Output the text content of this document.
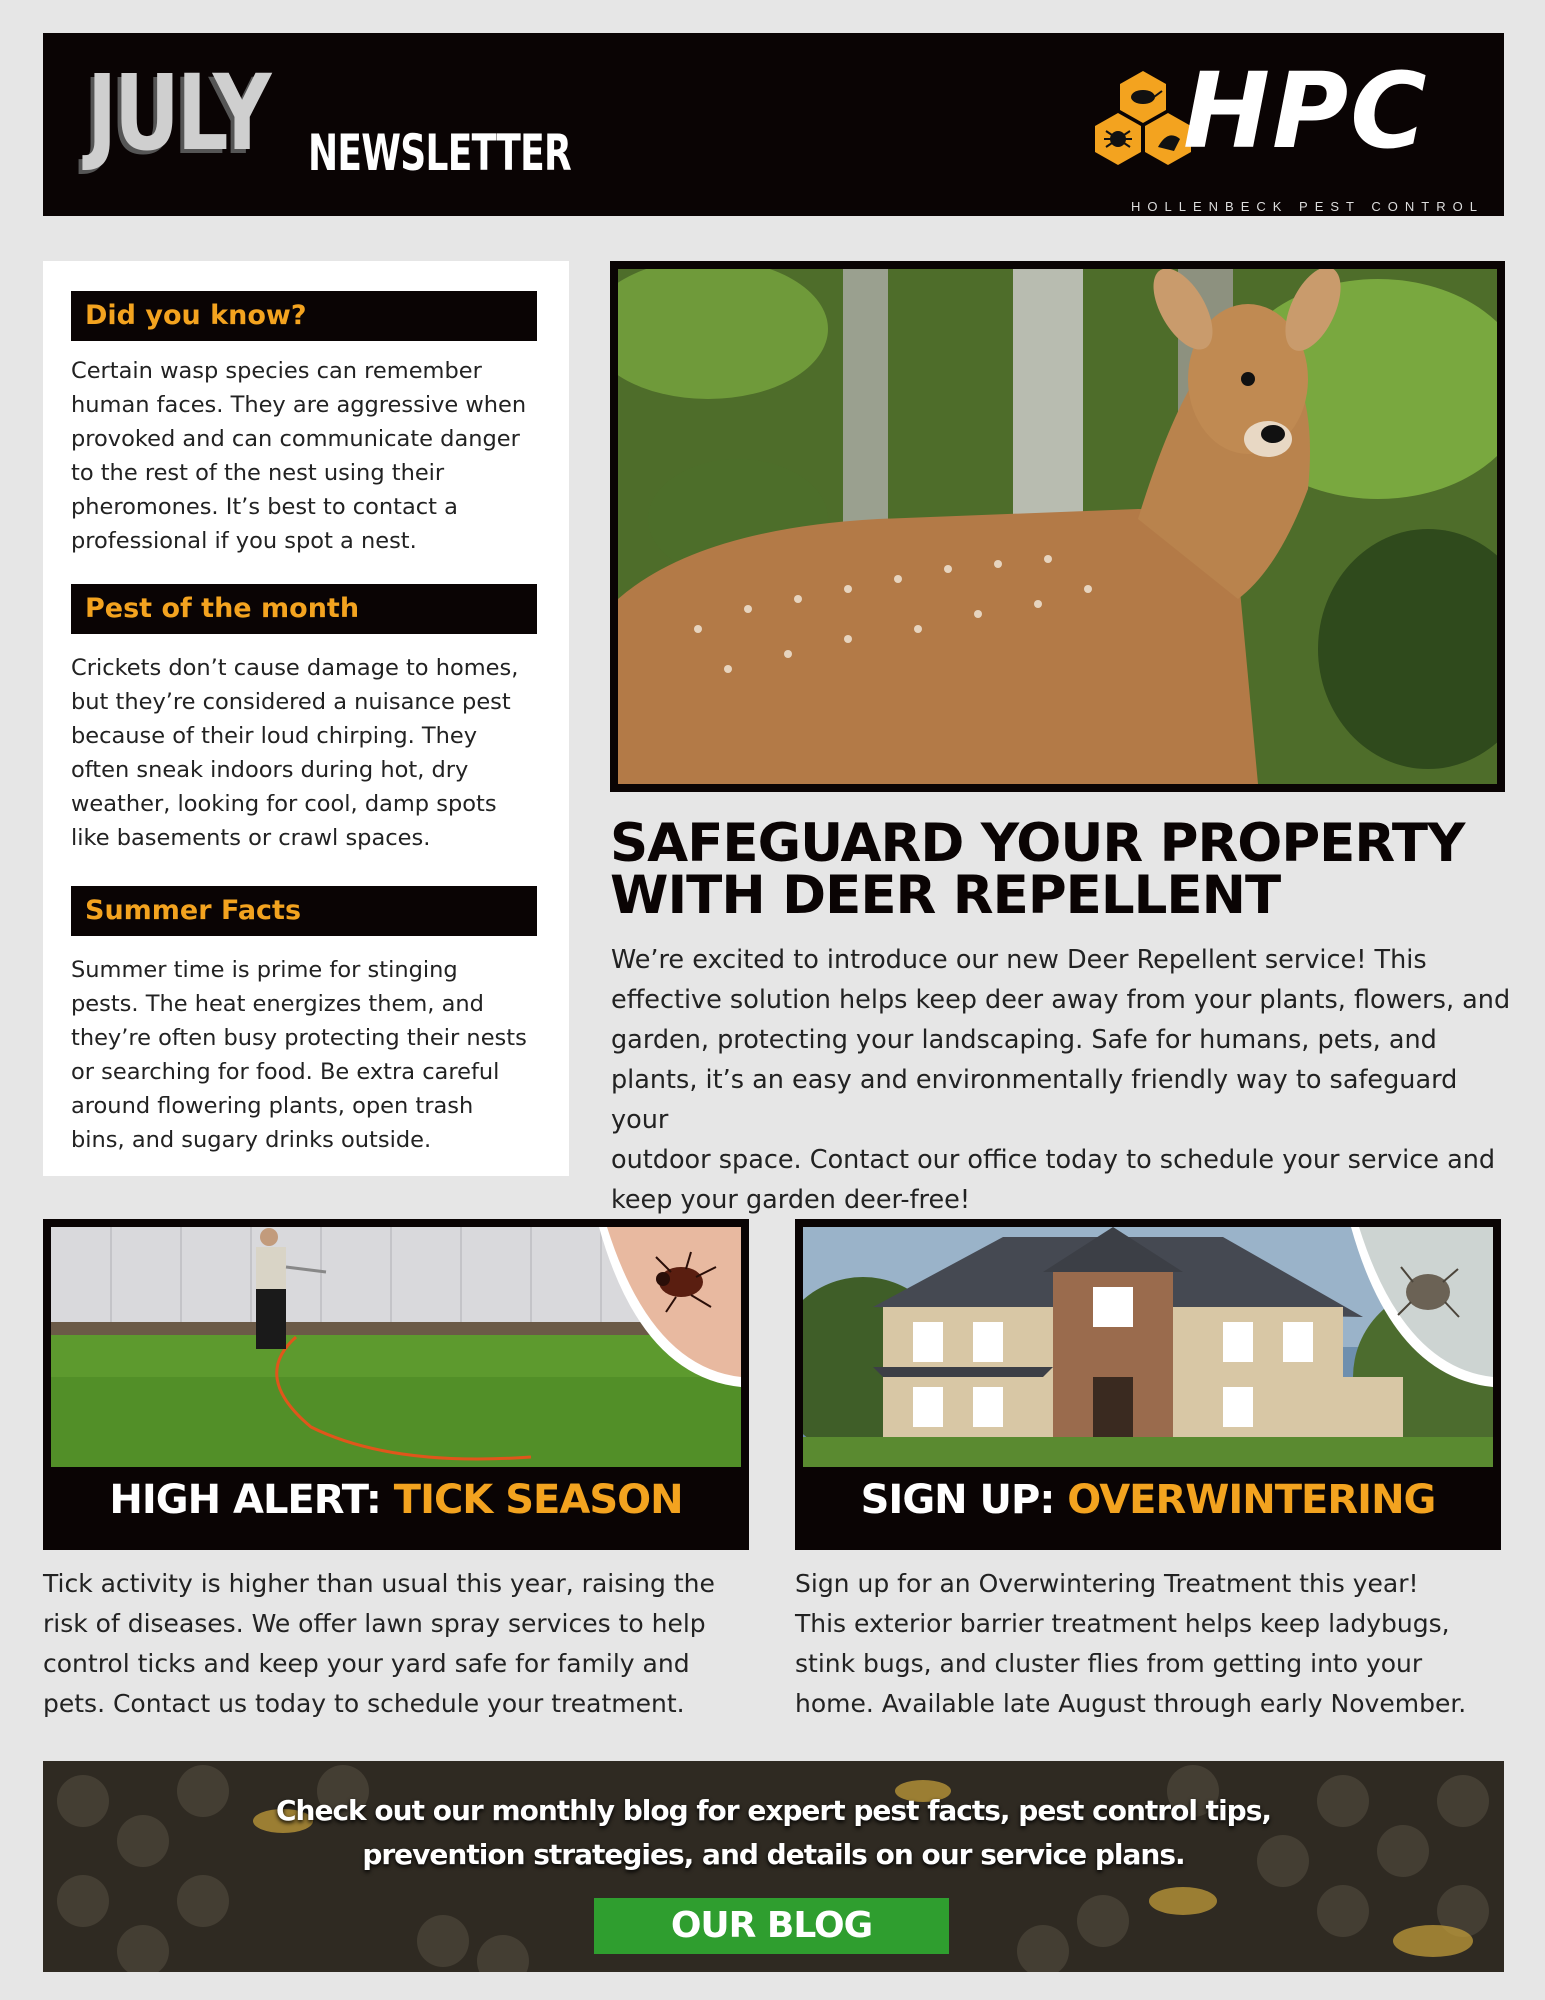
JULY NEWSLETTER	HPC
HOLLENBECK PEST CONTROL
Did you know?
Certain wasp species can remember
human faces. They are aggressive when
provoked and can communicate danger
to the rest of the nest using their
pheromones. It’s best to contact a
professional if you spot a nest.
Pest of the month
Crickets don’t cause damage to homes,
but they’re considered a nuisance pest
because of their loud chirping. They
often sneak indoors during hot, dry
weather, looking for cool, damp spots
like basements or crawl spaces.
Summer Facts
Summer time is prime for stinging
pests. The heat energizes them, and
they’re often busy protecting their nests
or searching for food. Be extra careful
around flowering plants, open trash
bins, and sugary drinks outside.
SAFEGUARD YOUR PROPERTY
WITH DEER REPELLENT
We’re excited to introduce our new Deer Repellent service! This
effective solution helps keep deer away from your plants, flowers, and
garden, protecting your landscaping. Safe for humans, pets, and
plants, it’s an easy and environmentally friendly way to safeguard your
outdoor space. Contact our office today to schedule your service and
keep your garden deer-free!
HIGH ALERT: TICK SEASON
Tick activity is higher than usual this year, raising the
risk of diseases. We offer lawn spray services to help
control ticks and keep your yard safe for family and
pets. Contact us today to schedule your treatment.
SIGN UP: OVERWINTERING
Sign up for an Overwintering Treatment this year!
This exterior barrier treatment helps keep ladybugs,
stink bugs, and cluster flies from getting into your
home. Available late August through early November.
Check out our monthly blog for expert pest facts, pest control tips,
prevention strategies, and details on our service plans.
OUR BLOG
